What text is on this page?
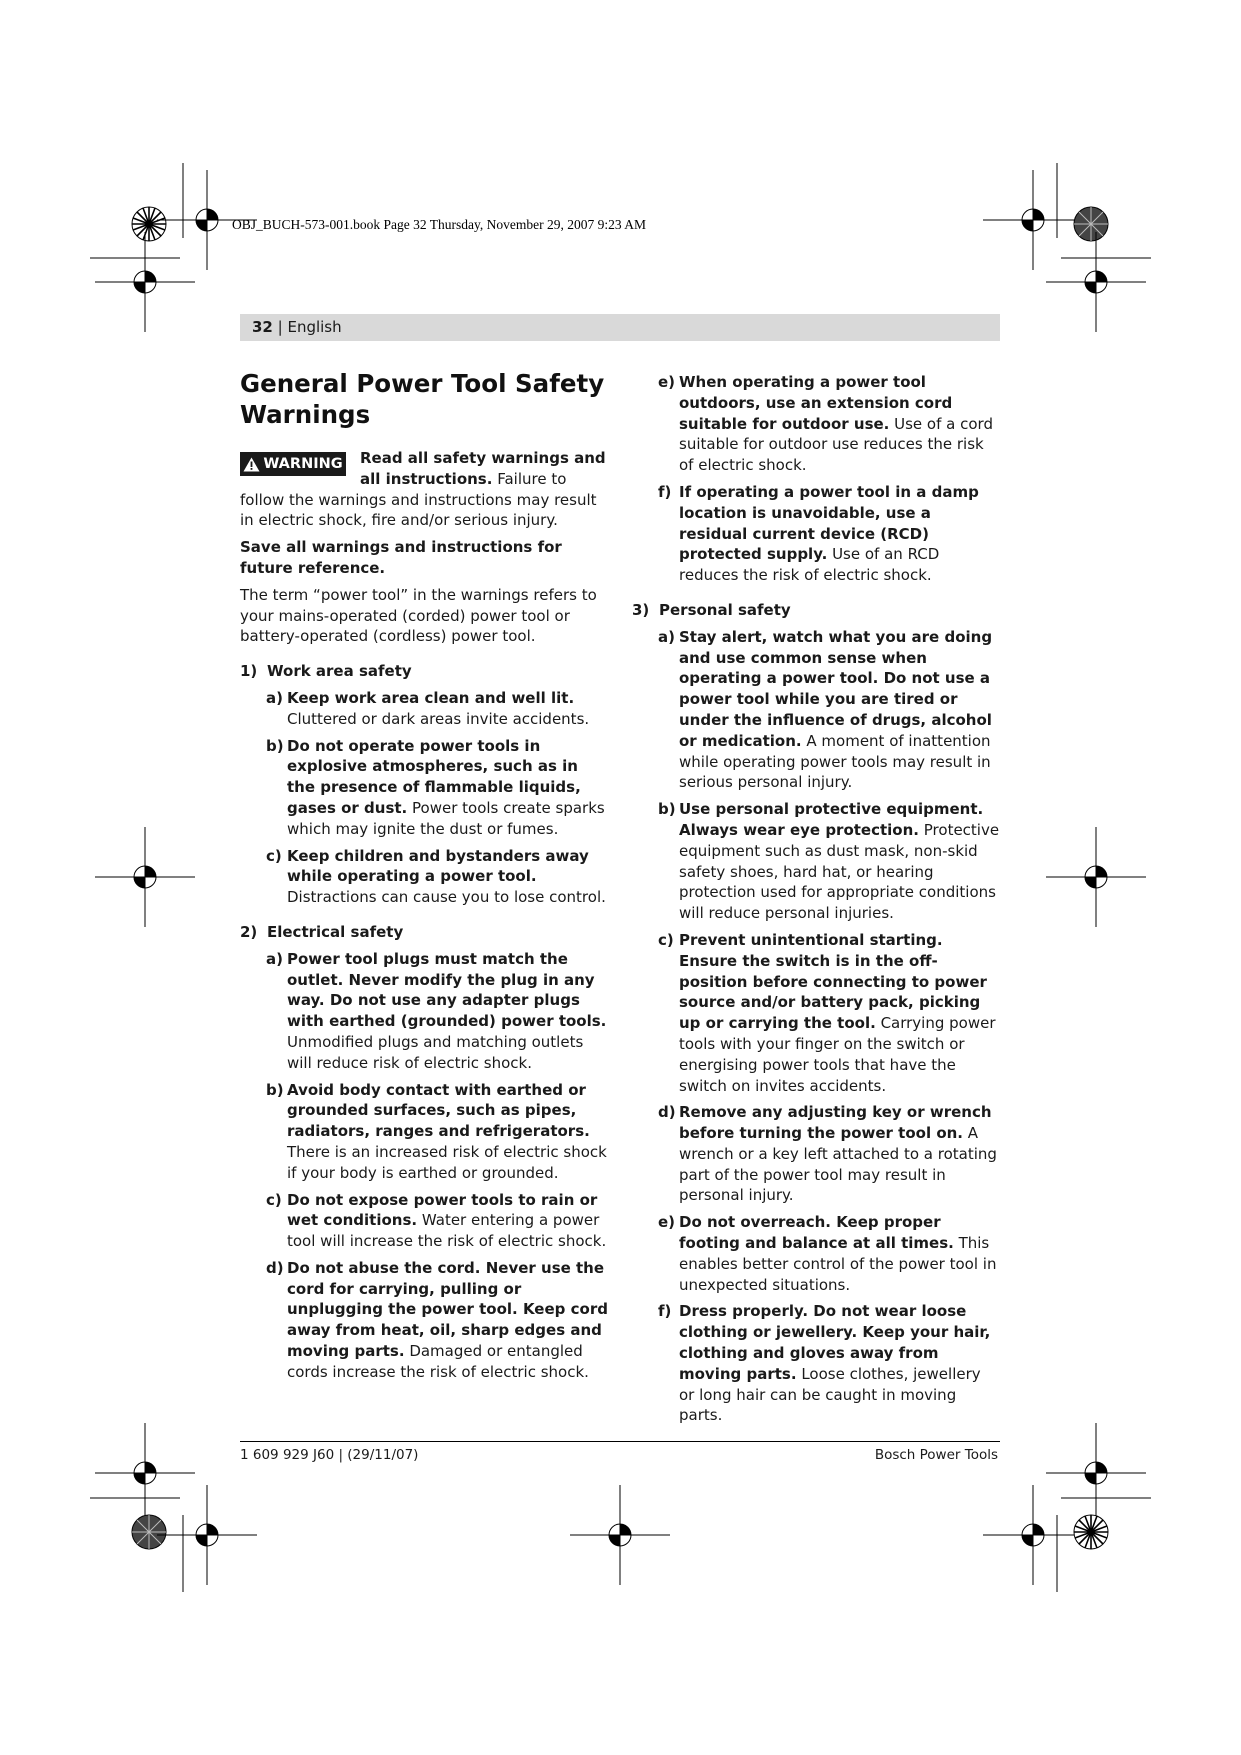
OBJ_BUCH-573-001.book Page 32 Thursday, November 29, 2007 9:23 AM
32 | English
General Power Tool Safety Warnings

WARNING Read all safety warnings and all instructions. Failure to follow the warnings and instructions may result in electric shock, fire and/or serious injury.

Save all warnings and instructions for future reference.

The term “power tool” in the warnings refers to your mains-operated (corded) power tool or battery-operated (cordless) power tool.

1) Work area safety
a) Keep work area clean and well lit. Cluttered or dark areas invite accidents.
b) Do not operate power tools in explosive atmospheres, such as in the presence of flammable liquids, gases or dust. Power tools create sparks which may ignite the dust or fumes.
c) Keep children and bystanders away while operating a power tool. Distractions can cause you to lose control.
2) Electrical safety
a) Power tool plugs must match the outlet. Never modify the plug in any way. Do not use any adapter plugs with earthed (grounded) power tools. Unmodified plugs and matching outlets will reduce risk of electric shock.
b) Avoid body contact with earthed or grounded surfaces, such as pipes, radiators, ranges and refrigerators. There is an increased risk of electric shock if your body is earthed or grounded.
c) Do not expose power tools to rain or wet conditions. Water entering a power tool will increase the risk of electric shock.
d) Do not abuse the cord. Never use the cord for carrying, pulling or unplugging the power tool. Keep cord away from heat, oil, sharp edges and moving parts. Damaged or entangled cords increase the risk of electric shock.
e) When operating a power tool outdoors, use an extension cord suitable for outdoor use. Use of a cord suitable for outdoor use reduces the risk of electric shock.
f) If operating a power tool in a damp location is unavoidable, use a residual current device (RCD) protected supply. Use of an RCD reduces the risk of electric shock.
3) Personal safety
a) Stay alert, watch what you are doing and use common sense when operating a power tool. Do not use a power tool while you are tired or under the influence of drugs, alcohol or medication. A moment of inattention while operating power tools may result in serious personal injury.
b) Use personal protective equipment. Always wear eye protection. Protective equipment such as dust mask, non-skid safety shoes, hard hat, or hearing protection used for appropriate conditions will reduce personal injuries.
c) Prevent unintentional starting. Ensure the switch is in the off-position before connecting to power source and/or battery pack, picking up or carrying the tool. Carrying power tools with your finger on the switch or energising power tools that have the switch on invites accidents.
d) Remove any adjusting key or wrench before turning the power tool on. A wrench or a key left attached to a rotating part of the power tool may result in personal injury.
e) Do not overreach. Keep proper footing and balance at all times. This enables better control of the power tool in unexpected situations.
f) Dress properly. Do not wear loose clothing or jewellery. Keep your hair, clothing and gloves away from moving parts. Loose clothes, jewellery or long hair can be caught in moving parts.
1 609 929 J60 | (29/11/07)	Bosch Power Tools
